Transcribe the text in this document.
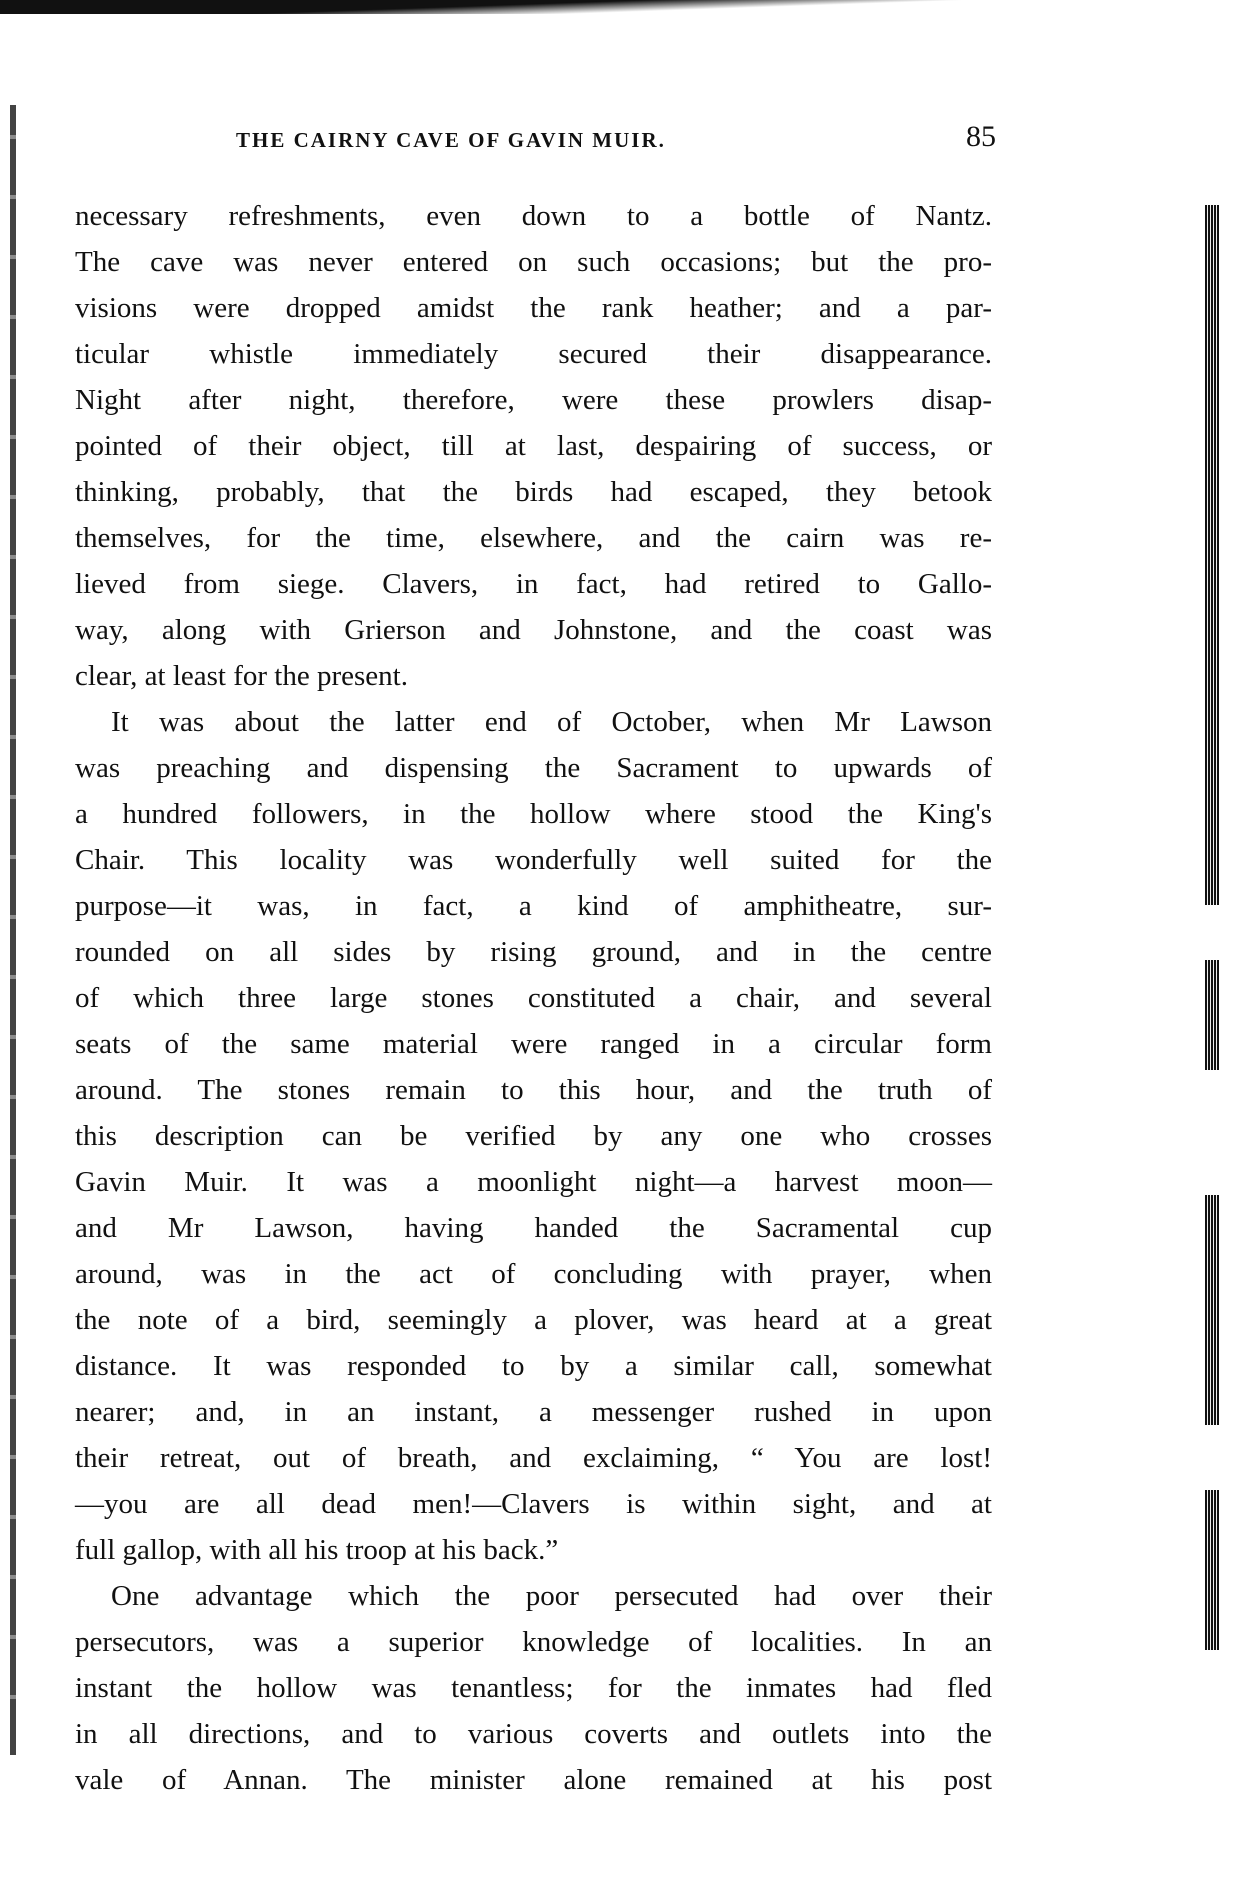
THE CAIRNY CAVE OF GAVIN MUIR.	85
necessary refreshments, even down to a bottle of Nantz.
The cave was never entered on such occasions; but the pro-
visions were dropped amidst the rank heather; and a par-
ticular whistle immediately secured their disappearance.
Night after night, therefore, were these prowlers disap-
pointed of their object, till at last, despairing of success, or
thinking, probably, that the birds had escaped, they betook
themselves, for the time, elsewhere, and the cairn was re-
lieved from siege. Clavers, in fact, had retired to Gallo-
way, along with Grierson and Johnstone, and the coast was
clear, at least for the present.
It was about the latter end of October, when Mr Lawson
was preaching and dispensing the Sacrament to upwards of
a hundred followers, in the hollow where stood the King's
Chair. This locality was wonderfully well suited for the
purpose—it was, in fact, a kind of amphitheatre, sur-
rounded on all sides by rising ground, and in the centre
of which three large stones constituted a chair, and several
seats of the same material were ranged in a circular form
around. The stones remain to this hour, and the truth of
this description can be verified by any one who crosses
Gavin Muir. It was a moonlight night—a harvest moon—
and Mr Lawson, having handed the Sacramental cup
around, was in the act of concluding with prayer, when
the note of a bird, seemingly a plover, was heard at a great
distance. It was responded to by a similar call, somewhat
nearer; and, in an instant, a messenger rushed in upon
their retreat, out of breath, and exclaiming, “ You are lost!
—you are all dead men!—Clavers is within sight, and at
full gallop, with all his troop at his back.”
One advantage which the poor persecuted had over their
persecutors, was a superior knowledge of localities. In an
instant the hollow was tenantless; for the inmates had fled
in all directions, and to various coverts and outlets into the
vale of Annan. The minister alone remained at his post
